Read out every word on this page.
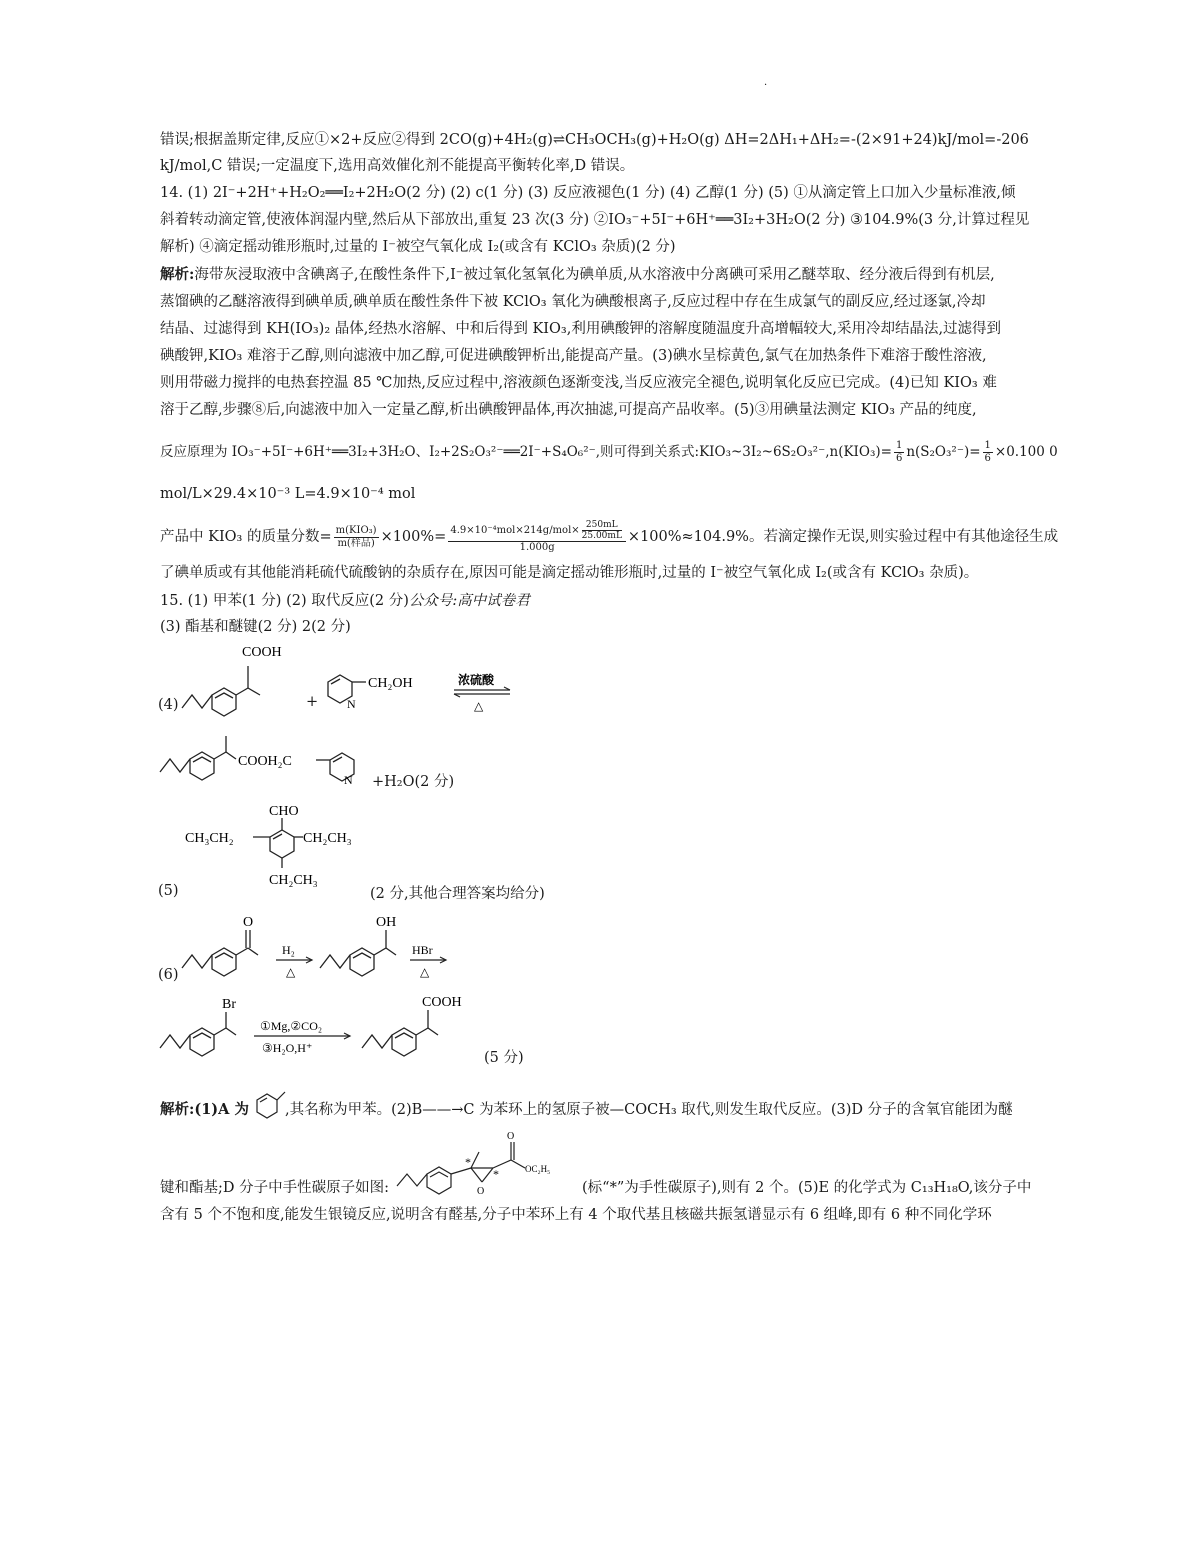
·
错误;根据盖斯定律,反应①×2+反应②得到 2CO(g)+4H₂(g)⇌CH₃OCH₃(g)+H₂O(g) ΔH=2ΔH₁+ΔH₂=-(2×91+24)kJ/mol=-206
kJ/mol,C 错误;一定温度下,选用高效催化剂不能提高平衡转化率,D 错误。
14. (1) 2I⁻+2H⁺+H₂O₂══I₂+2H₂O(2 分) (2) c(1 分) (3) 反应液褪色(1 分) (4) 乙醇(1 分) (5) ①从滴定管上口加入少量标准液,倾
斜着转动滴定管,使液体润湿内壁,然后从下部放出,重复 23 次(3 分) ②IO₃⁻+5I⁻+6H⁺══3I₂+3H₂O(2 分) ③104.9%(3 分,计算过程见
解析) ④滴定摇动锥形瓶时,过量的 I⁻被空气氧化成 I₂(或含有 KClO₃ 杂质)(2 分)
解析:海带灰浸取液中含碘离子,在酸性条件下,I⁻被过氧化氢氧化为碘单质,从水溶液中分离碘可采用乙醚萃取、经分液后得到有机层,
蒸馏碘的乙醚溶液得到碘单质,碘单质在酸性条件下被 KClO₃ 氧化为碘酸根离子,反应过程中存在生成氯气的副反应,经过逐氯,冷却
结晶、过滤得到 KH(IO₃)₂ 晶体,经热水溶解、中和后得到 KIO₃,利用碘酸钾的溶解度随温度升高增幅较大,采用冷却结晶法,过滤得到
碘酸钾,KIO₃ 难溶于乙醇,则向滤液中加乙醇,可促进碘酸钾析出,能提高产量。(3)碘水呈棕黄色,氯气在加热条件下难溶于酸性溶液,
则用带磁力搅拌的电热套控温 85 ℃加热,反应过程中,溶液颜色逐渐变浅,当反应液完全褪色,说明氧化反应已完成。(4)已知 KIO₃ 难
溶于乙醇,步骤⑧后,向滤液中加入一定量乙醇,析出碘酸钾晶体,再次抽滤,可提高产品收率。(5)③用碘量法测定 KIO₃ 产品的纯度,
反应原理为 IO₃⁻+5I⁻+6H⁺══3I₂+3H₂O、I₂+2S₂O₃²⁻══2I⁻+S₄O₆²⁻,则可得到关系式:KIO₃~3I₂~6S₂O₃²⁻,n(KIO₃)= $\frac{1}{6} n(S_2O_3^{2-})= \frac{1}{6} \times 0.100$ 0
mol/L×29.4×10⁻³ L=4.9×10⁻⁴ mol
产品中 KIO₃ 的质量分数= $\frac{\text{m(KIO₃)}}{\text{m(样品)}} \times 100\%= \frac{4.9\times 10^{-4}mol\times 214g/mol\times \frac{250mL}{25.00mL}}{1.000g} \times 100\%\approx 104.9\%$。若滴定操作无误,则实验过程中有其他途径生成
了碘单质或有其他能消耗硫代硫酸钠的杂质存在,原因可能是滴定摇动锥形瓶时,过量的 I⁻被空气氧化成 I₂(或含有 KClO₃ 杂质)。
15. (1) 甲苯(1 分) (2) 取代反应(2 分)公众号:高中试卷君
(3) 酯基和醚键(2 分) 2(2 分)
(4)
COOH
+ N
CH₂OH	浓硫酸
△
COOH₂C
N +H₂O(2 分)
CHO
CH₃CH₂	CH₂CH₃
CH₂CH₃
(5)	(2 分,其他合理答案均给分)
(6)
O
H₂
△
OH
HBr
△
Br
①Mg,②CO₂
③H₂O,H⁺
COOH
(5 分)
解析:(1)A 为 ,其名称为甲苯。(2)B——→C 为苯环上的氢原子被—COCH₃ 取代,则发生取代反应。(3)D 分子的含氧官能团为醚
键和酯基;D 分子中手性碳原子如图:
*
*
O
O
OC₂H₅
(标“*”为手性碳原子),则有 2 个。(5)E 的化学式为 C₁₃H₁₈O,该分子中
含有 5 个不饱和度,能发生银镜反应,说明含有醛基,分子中苯环上有 4 个取代基且核磁共振氢谱显示有 6 组峰,即有 6 种不同化学环
